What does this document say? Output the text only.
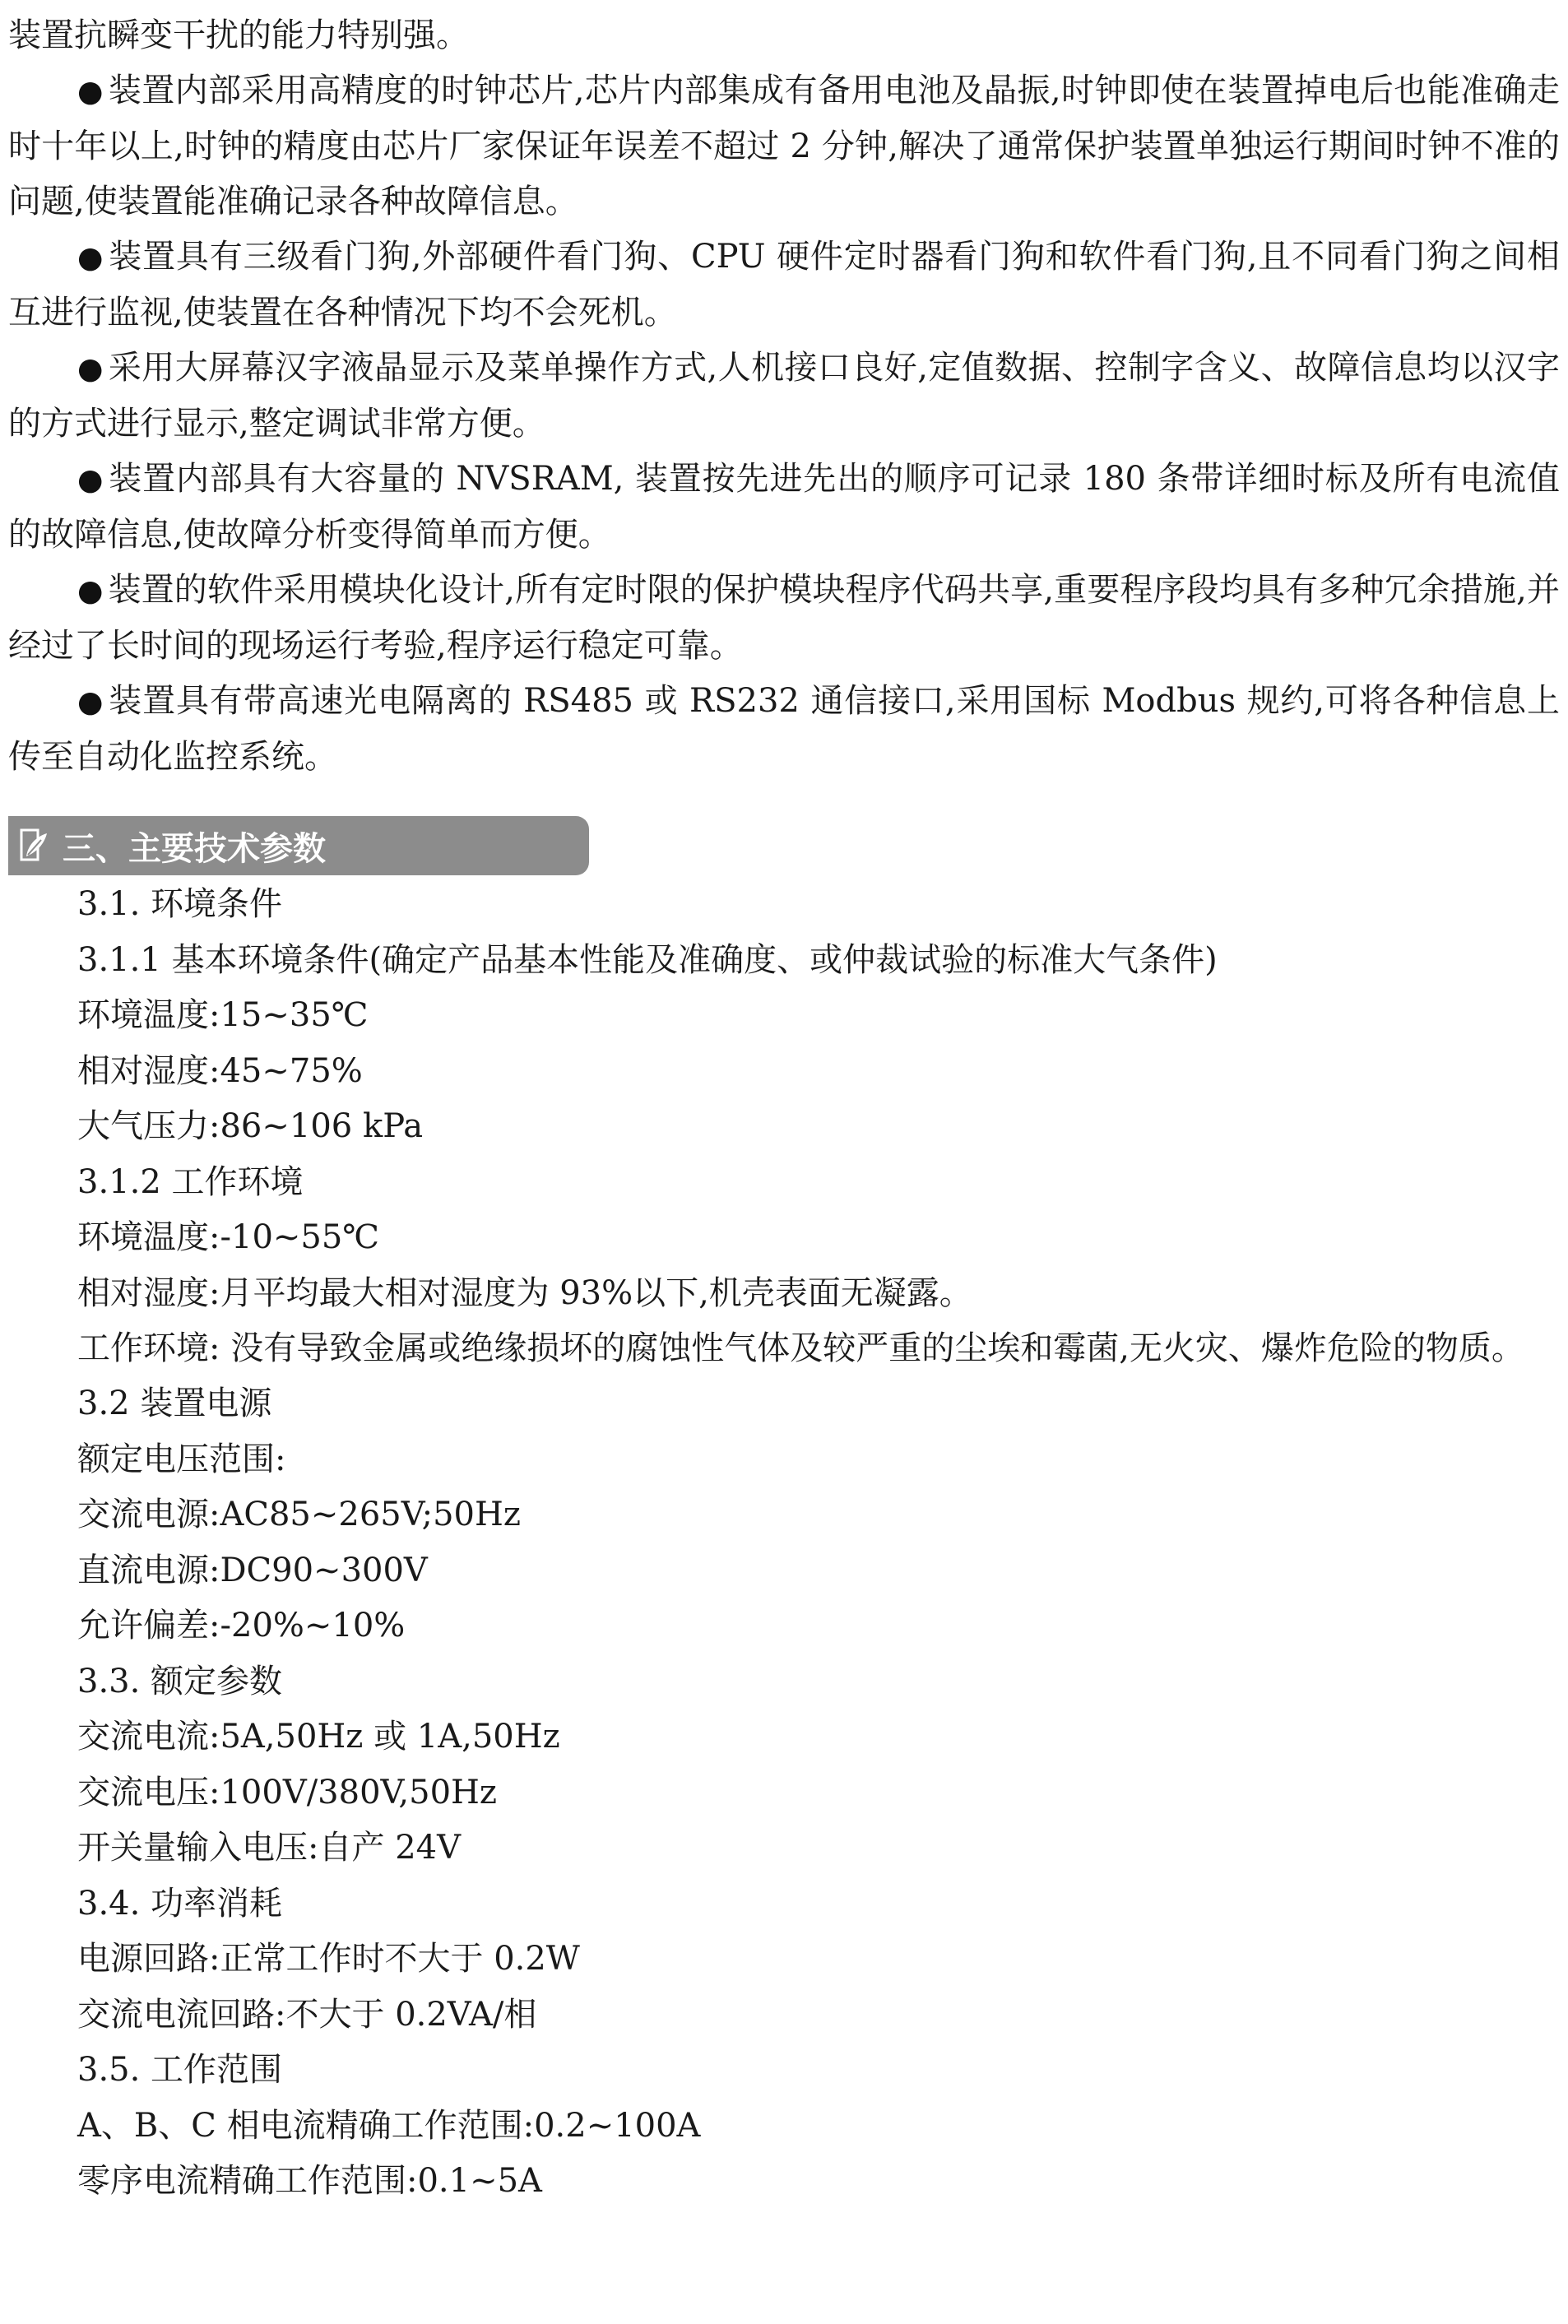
装置抗瞬变干扰的能力特别强。

● 装置内部采用高精度的时钟芯片,芯片内部集成有备用电池及晶振,时钟即使在装置掉电后也能准确走时十年以上,时钟的精度由芯片厂家保证年误差不超过 2 分钟,解决了通常保护装置单独运行期间时钟不准的问题,使装置能准确记录各种故障信息。

● 装置具有三级看门狗,外部硬件看门狗、CPU 硬件定时器看门狗和软件看门狗,且不同看门狗之间相互进行监视,使装置在各种情况下均不会死机。

● 采用大屏幕汉字液晶显示及菜单操作方式,人机接口良好,定值数据、控制字含义、故障信息均以汉字的方式进行显示,整定调试非常方便。

● 装置内部具有大容量的 NVSRAM, 装置按先进先出的顺序可记录 180 条带详细时标及所有电流值的故障信息,使故障分析变得简单而方便。

● 装置的软件采用模块化设计,所有定时限的保护模块程序代码共享,重要程序段均具有多种冗余措施,并经过了长时间的现场运行考验,程序运行稳定可靠。

● 装置具有带高速光电隔离的 RS485 或 RS232 通信接口,采用国标 Modbus 规约,可将各种信息上传至自动化监控系统。

三、主要技术参数

3.1. 环境条件

3.1.1 基本环境条件(确定产品基本性能及准确度、或仲裁试验的标准大气条件)

环境温度:15~35℃

相对湿度:45~75%

大气压力:86~106 kPa

3.1.2 工作环境

环境温度:-10~55℃

相对湿度:月平均最大相对湿度为 93%以下,机壳表面无凝露。

工作环境: 没有导致金属或绝缘损坏的腐蚀性气体及较严重的尘埃和霉菌,无火灾、爆炸危险的物质。

3.2 装置电源

额定电压范围:

交流电源:AC85~265V;50Hz

直流电源:DC90~300V

允许偏差:-20%~10%

3.3. 额定参数

交流电流:5A,50Hz 或 1A,50Hz

交流电压:100V/380V,50Hz

开关量输入电压:自产 24V

3.4. 功率消耗

电源回路:正常工作时不大于 0.2W

交流电流回路:不大于 0.2VA/相

3.5. 工作范围

A、B、C 相电流精确工作范围:0.2~100A

零序电流精确工作范围:0.1~5A
